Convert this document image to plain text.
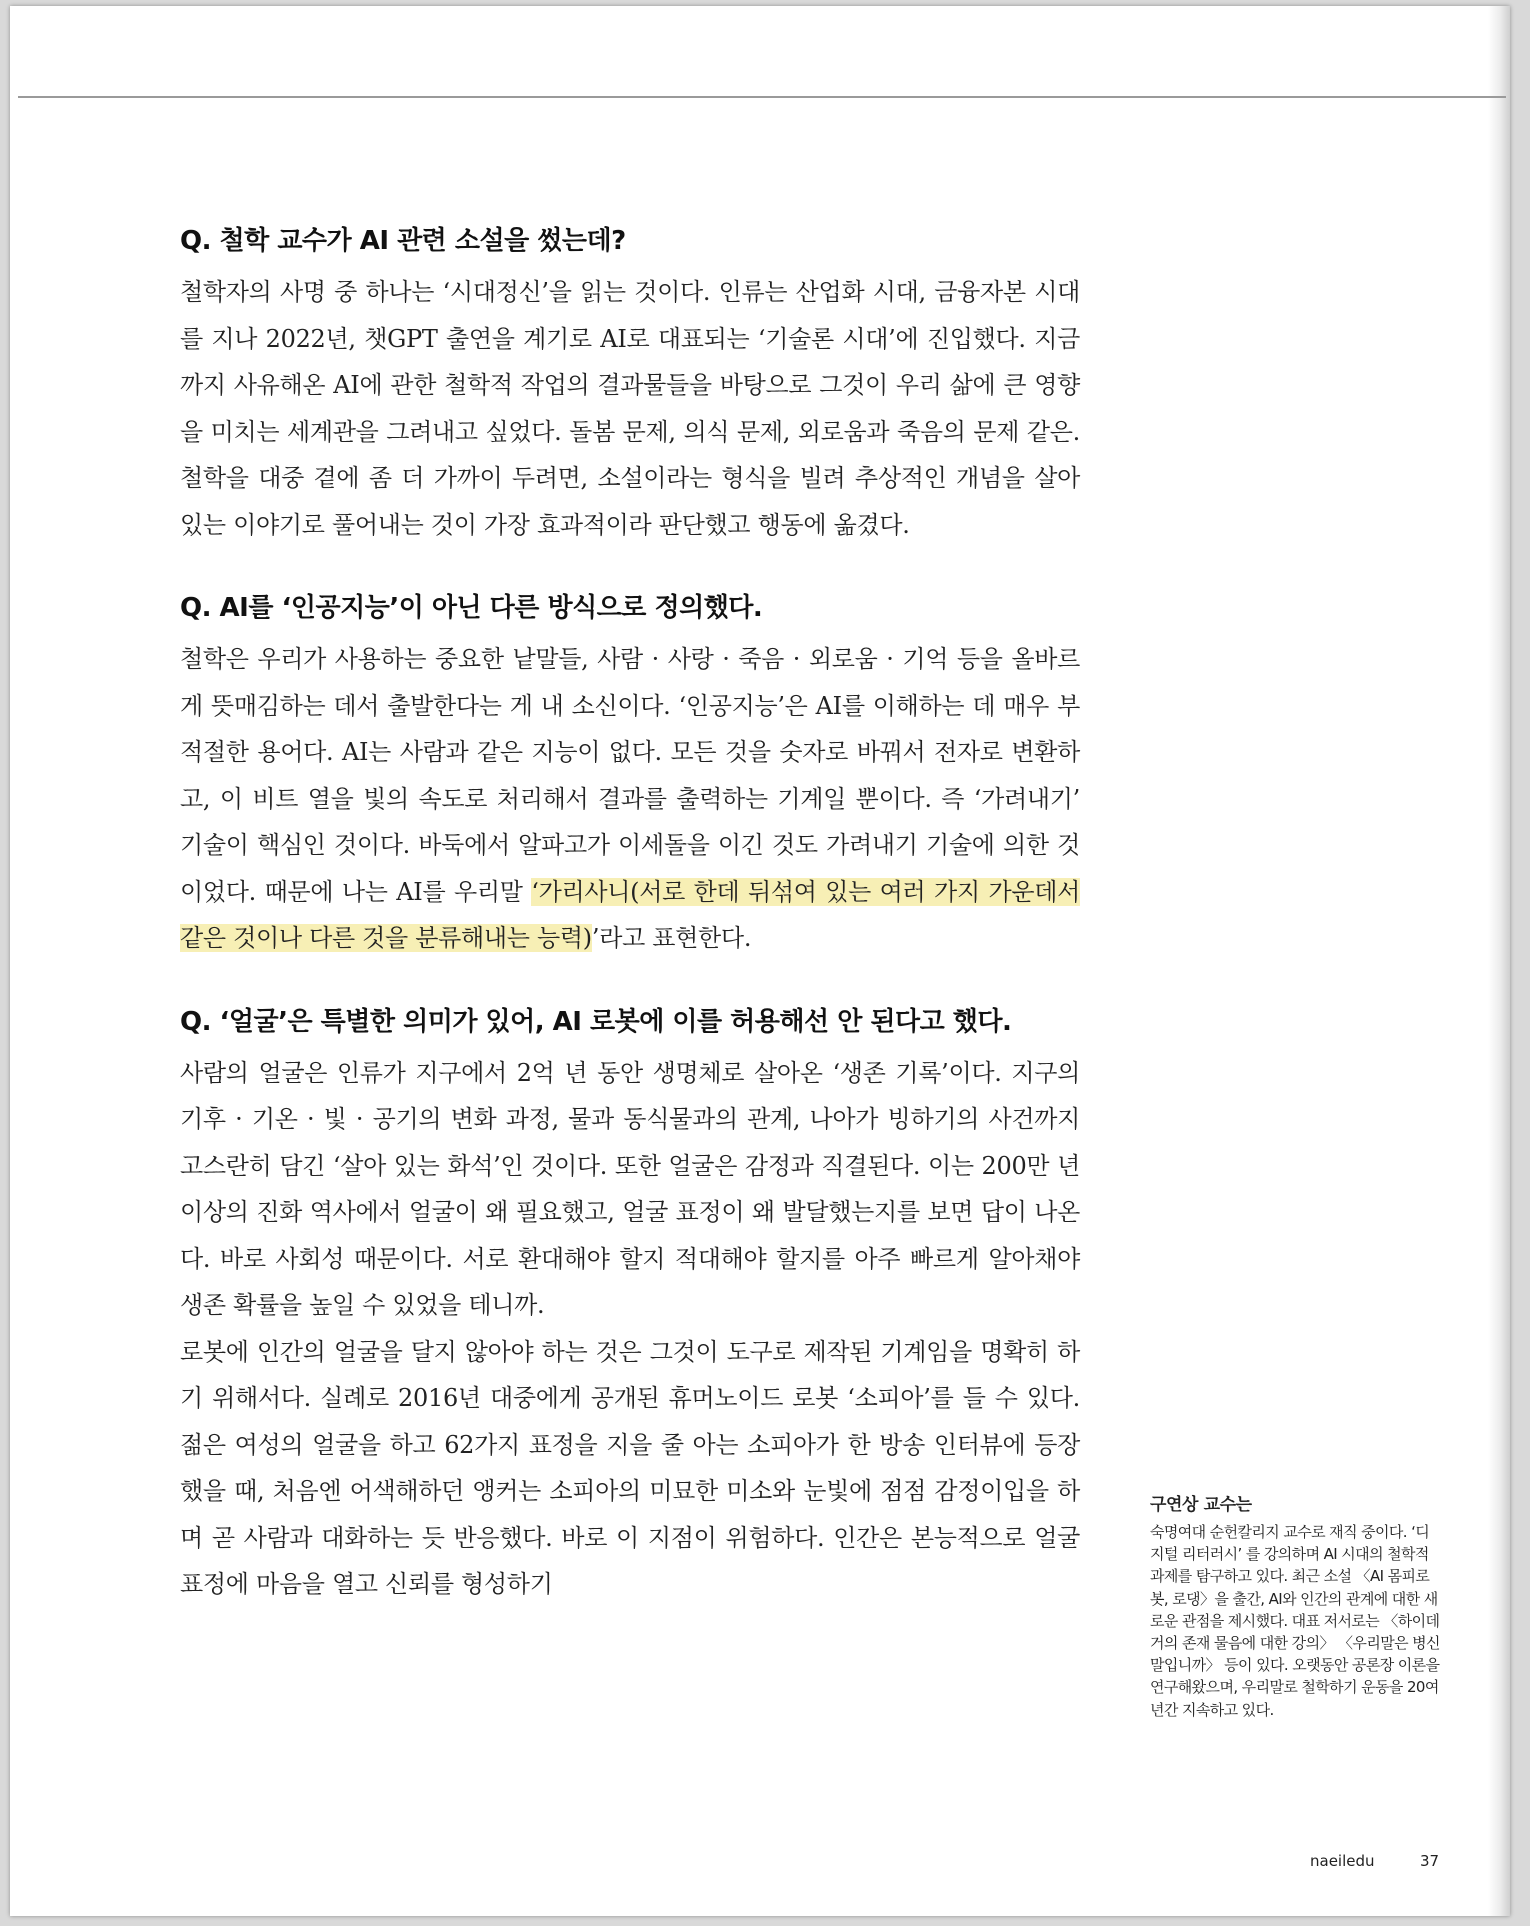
Q. 철학 교수가 AI 관련 소설을 썼는데?

철학자의 사명 중 하나는 ‘시대정신’을 읽는 것이다. 인류는 산업화 시대, 금융자본 시대를 지나 2022년, 챗GPT 출연을 계기로 AI로 대표되는 ‘기술론 시대’에 진입했다. 지금까지 사유해온 AI에 관한 철학적 작업의 결과물들을 바탕으로 그것이 우리 삶에 큰 영향을 미치는 세계관을 그려내고 싶었다. 돌봄 문제, 의식 문제, 외로움과 죽음의 문제 같은. 철학을 대중 곁에 좀 더 가까이 두려면, 소설이라는 형식을 빌려 추상적인 개념을 살아 있는 이야기로 풀어내는 것이 가장 효과적이라 판단했고 행동에 옮겼다.

Q. AI를 ‘인공지능’이 아닌 다른 방식으로 정의했다.

철학은 우리가 사용하는 중요한 낱말들, 사람 · 사랑 · 죽음 · 외로움 · 기억 등을 올바르게 뜻매김하는 데서 출발한다는 게 내 소신이다. ‘인공지능’은 AI를 이해하는 데 매우 부적절한 용어다. AI는 사람과 같은 지능이 없다. 모든 것을 숫자로 바꿔서 전자로 변환하고, 이 비트 열을 빛의 속도로 처리해서 결과를 출력하는 기계일 뿐이다. 즉 ‘가려내기’ 기술이 핵심인 것이다. 바둑에서 알파고가 이세돌을 이긴 것도 가려내기 기술에 의한 것이었다. 때문에 나는 AI를 우리말 ‘가리사니(서로 한데 뒤섞여 있는 여러 가지 가운데서 같은 것이나 다른 것을 분류해내는 능력)’라고 표현한다.

Q. ‘얼굴’은 특별한 의미가 있어, AI 로봇에 이를 허용해선 안 된다고 했다.

사람의 얼굴은 인류가 지구에서 2억 년 동안 생명체로 살아온 ‘생존 기록’이다. 지구의 기후 · 기온 · 빛 · 공기의 변화 과정, 물과 동식물과의 관계, 나아가 빙하기의 사건까지 고스란히 담긴 ‘살아 있는 화석’인 것이다. 또한 얼굴은 감정과 직결된다. 이는 200만 년 이상의 진화 역사에서 얼굴이 왜 필요했고, 얼굴 표정이 왜 발달했는지를 보면 답이 나온다. 바로 사회성 때문이다. 서로 환대해야 할지 적대해야 할지를 아주 빠르게 알아채야 생존 확률을 높일 수 있었을 테니까.

로봇에 인간의 얼굴을 달지 않아야 하는 것은 그것이 도구로 제작된 기계임을 명확히 하기 위해서다. 실례로 2016년 대중에게 공개된 휴머노이드 로봇 ‘소피아’를 들 수 있다. 젊은 여성의 얼굴을 하고 62가지 표정을 지을 줄 아는 소피아가 한 방송 인터뷰에 등장했을 때, 처음엔 어색해하던 앵커는 소피아의 미묘한 미소와 눈빛에 점점 감정이입을 하며 곧 사람과 대화하는 듯 반응했다. 바로 이 지점이 위험하다. 인간은 본능적으로 얼굴 표정에 마음을 열고 신뢰를 형성하기

구연상 교수는

숙명여대 순헌칼리지 교수로 재직 중이다. ‘디지털 리터러시’ 를 강의하며 AI 시대의 철학적 과제를 탐구하고 있다. 최근 소설 〈AI 몸피로봇, 로댕〉을 출간, AI와 인간의 관계에 대한 새로운 관점을 제시했다. 대표 저서로는 〈하이데거의 존재 물음에 대한 강의〉 〈우리말은 병신 말입니까〉 등이 있다. 오랫동안 공론장 이론을 연구해왔으며, 우리말로 철학하기 운동을 20여 년간 지속하고 있다.

naeiledu	37
